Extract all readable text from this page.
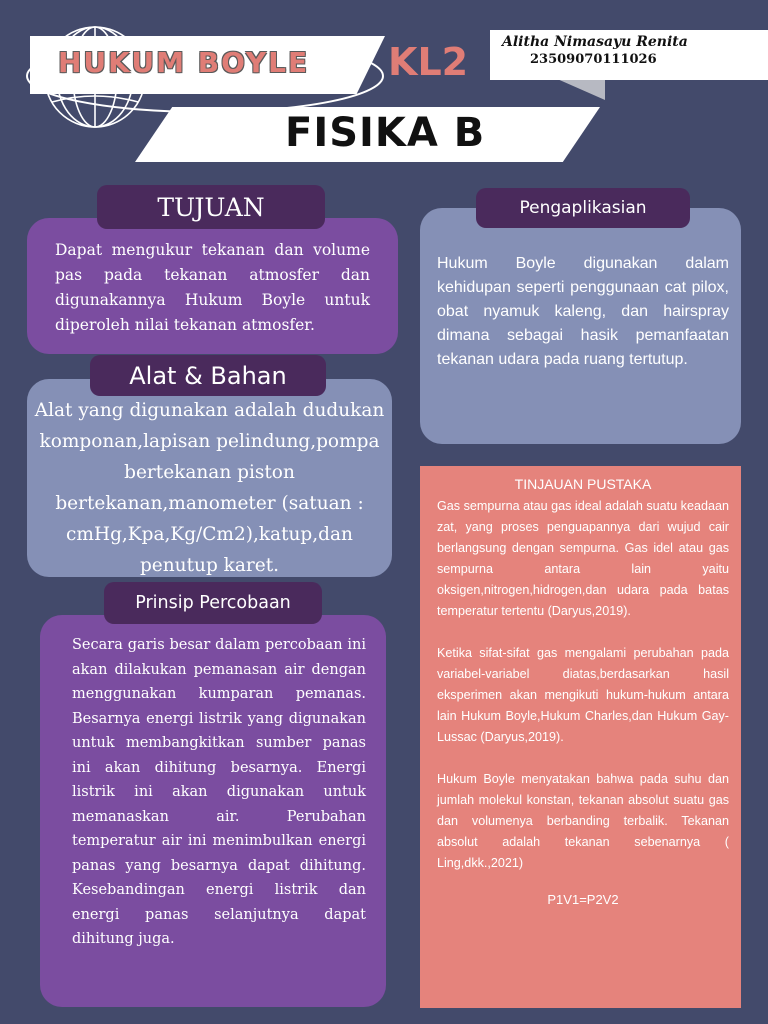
HUKUM BOYLE KL2 Alitha Nimasayu Renita
23509070111026
FISIKA B

Dapat mengukur tekanan dan volume pas pada tekanan atmosfer dan digunakannya Hukum Boyle untuk diperoleh nilai tekanan atmosfer.

TUJUAN

Alat yang digunakan adalah dudukan komponan,lapisan pelindung,pompa bertekanan piston bertekanan,manometer (satuan : cmHg,Kpa,Kg/Cm2),katup,dan penutup karet.

Alat & Bahan

Secara garis besar dalam percobaan ini akan dilakukan pemanasan air dengan menggunakan kumparan pemanas. Besarnya energi listrik yang digunakan untuk membangkitkan sumber panas ini akan dihitung besarnya. Energi listrik ini akan digunakan untuk memanaskan air. Perubahan temperatur air ini menimbulkan energi panas yang besarnya dapat dihitung. Kesebandingan energi listrik dan energi panas selanjutnya dapat dihitung juga.

Prinsip Percobaan

Hukum Boyle digunakan dalam kehidupan seperti penggunaan cat pilox, obat nyamuk kaleng, dan hairspray dimana sebagai hasik pemanfaatan tekanan udara pada ruang tertutup.

Pengaplikasian
TINJAUAN PUSTAKA

Gas sempurna atau gas ideal adalah suatu keadaan zat, yang proses penguapannya dari wujud cair berlangsung dengan sempurna. Gas idel atau gas sempurna antara lain yaitu oksigen,nitrogen,hidrogen,dan udara pada batas temperatur tertentu (Daryus,2019).

Ketika sifat-sifat gas mengalami perubahan pada variabel-variabel diatas,berdasarkan hasil eksperimen akan mengikuti hukum-hukum antara lain Hukum Boyle,Hukum Charles,dan Hukum Gay-Lussac (Daryus,2019).

Hukum Boyle menyatakan bahwa pada suhu dan jumlah molekul konstan, tekanan absolut suatu gas dan volumenya berbanding terbalik. Tekanan absolut adalah tekanan sebenarnya ( Ling,dkk.,2021)

P1V1=P2V2
